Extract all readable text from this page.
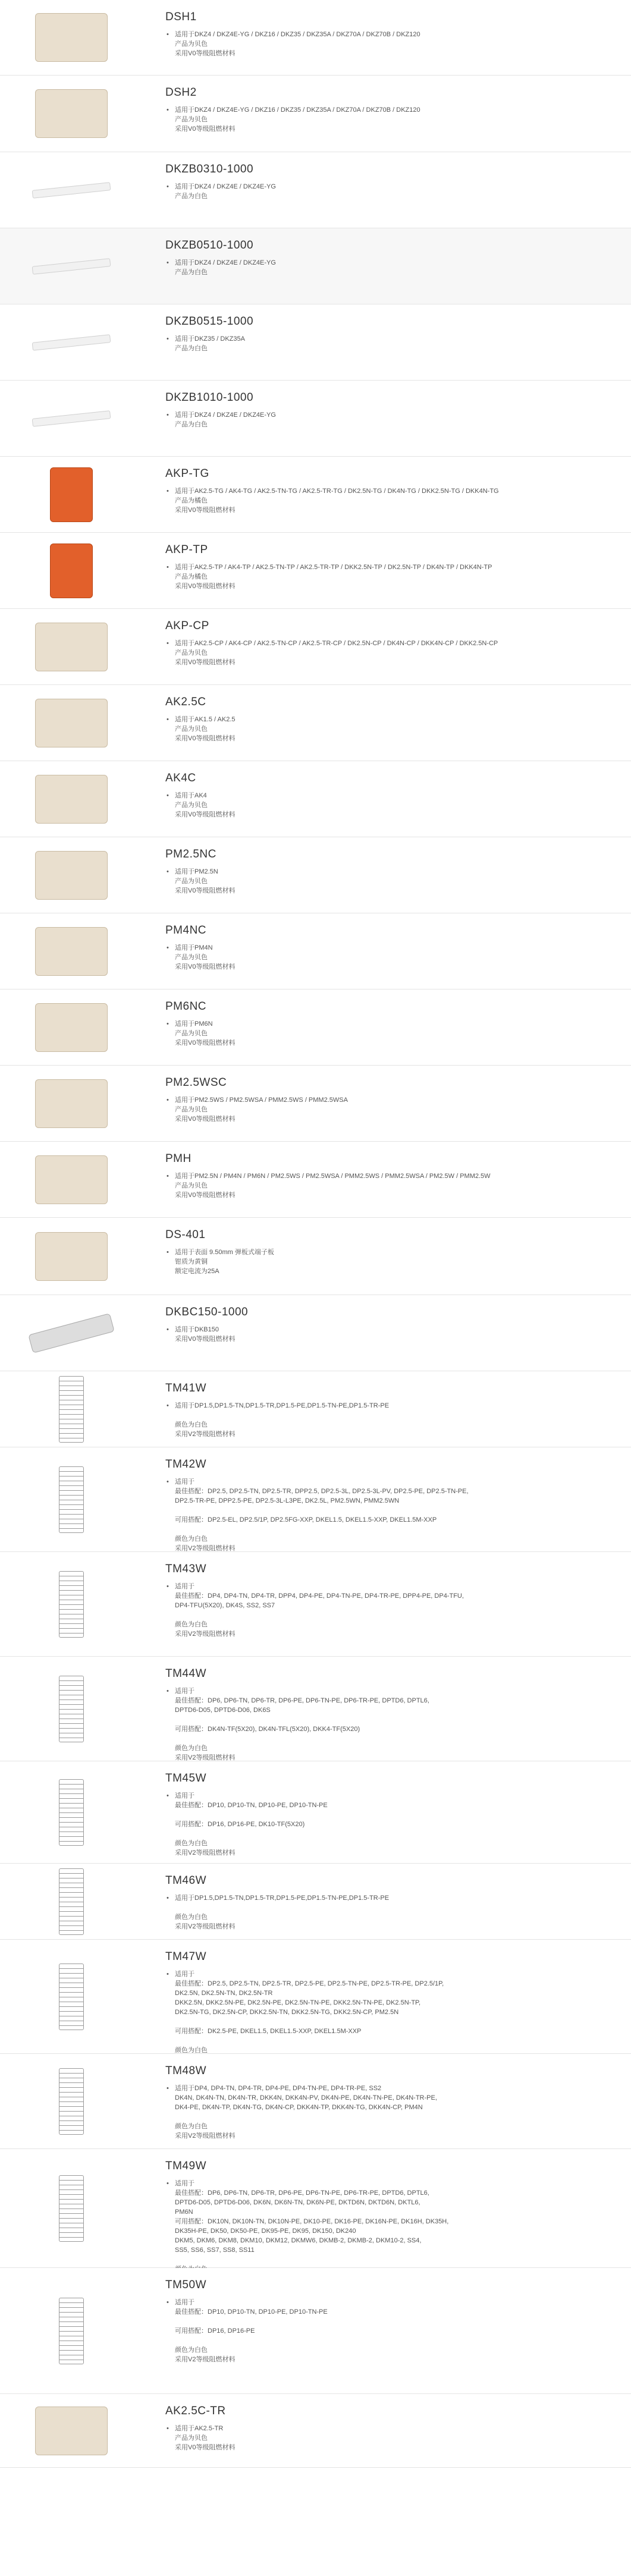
DSH1
• 适用于DKZ4 / DKZ4E-YG / DKZ16 / DKZ35 / DKZ35A / DKZ70A / DKZ70B / DKZ120
产品为贝色
采用V0等级阻燃材料
DSH2
• 适用于DKZ4 / DKZ4E-YG / DKZ16 / DKZ35 / DKZ35A / DKZ70A / DKZ70B / DKZ120
产品为贝色
采用V0等级阻燃材料
DKZB0310-1000
• 适用于DKZ4 / DKZ4E / DKZ4E-YG
产品为白色
DKZB0510-1000
• 适用于DKZ4 / DKZ4E / DKZ4E-YG
产品为白色
DKZB0515-1000
• 适用于DKZ35 / DKZ35A
产品为白色
DKZB1010-1000
• 适用于DKZ4 / DKZ4E / DKZ4E-YG
产品为白色
AKP-TG
• 适用于AK2.5-TG / AK4-TG / AK2.5-TN-TG / AK2.5-TR-TG / DK2.5N-TG / DK4N-TG / DKK2.5N-TG / DKK4N-TG
产品为橘色
采用V0等级阻燃材料
AKP-TP
• 适用于AK2.5-TP / AK4-TP / AK2.5-TN-TP / AK2.5-TR-TP / DKK2.5N-TP / DK2.5N-TP / DK4N-TP / DKK4N-TP
产品为橘色
采用V0等级阻燃材料
AKP-CP
• 适用于AK2.5-CP / AK4-CP / AK2.5-TN-CP / AK2.5-TR-CP / DK2.5N-CP / DK4N-CP / DKK4N-CP / DKK2.5N-CP
产品为贝色
采用V0等级阻燃材料
AK2.5C
• 适用于AK1.5 / AK2.5
产品为贝色
采用V0等级阻燃材料
AK4C
• 适用于AK4
产品为贝色
采用V0等级阻燃材料
PM2.5NC
• 适用于PM2.5N
产品为贝色
采用V0等级阻燃材料
PM4NC
• 适用于PM4N
产品为贝色
采用V0等级阻燃材料
PM6NC
• 适用于PM6N
产品为贝色
采用V0等级阻燃材料
PM2.5WSC
• 适用于PM2.5WS / PM2.5WSA / PMM2.5WS / PMM2.5WSA
产品为贝色
采用V0等级阻燃材料
PMH
• 适用于PM2.5N / PM4N / PM6N / PM2.5WS / PM2.5WSA / PMM2.5WS / PMM2.5WSA / PM2.5W / PMM2.5W
产品为贝色
采用V0等级阻燃材料
DS-401
• 适用于表面 9.50mm 弹板式端子板
钳质为黄铜
额定电流为25A
DKBC150-1000
• 适用于DKB150
采用V0等级阻燃材料
TM41W
• 适用于DP1.5,DP1.5-TN,DP1.5-TR,DP1.5-PE,DP1.5-TN-PE,DP1.5-TR-PE
颜色为白色
采用V2等级阻燃材料
TM42W
• 适用于
最佳搭配：DP2.5, DP2.5-TN, DP2.5-TR, DPP2.5, DP2.5-3L, DP2.5-3L-PV, DP2.5-PE, DP2.5-TN-PE,
DP2.5-TR-PE, DPP2.5-PE, DP2.5-3L-L3PE, DK2.5L, PM2.5WN, PMM2.5WN
可用搭配：DP2.5-EL, DP2.5/1P, DP2.5FG-XXP, DKEL1.5, DKEL1.5-XXP, DKEL1.5M-XXP
颜色为白色
采用V2等级阻燃材料
TM43W
• 适用于
最佳搭配：DP4, DP4-TN, DP4-TR, DPP4, DP4-PE, DP4-TN-PE, DP4-TR-PE, DPP4-PE, DP4-TFU,
DP4-TFU(5X20), DK4S, SS2, SS7
颜色为白色
采用V2等级阻燃材料
TM44W
• 适用于
最佳搭配：DP6, DP6-TN, DP6-TR, DP6-PE, DP6-TN-PE, DP6-TR-PE, DPTD6, DPTL6,
DPTD6-D05, DPTD6-D06, DK6S
可用搭配：DK4N-TF(5X20), DK4N-TFL(5X20), DKK4-TF(5X20)
颜色为白色
采用V2等级阻燃材料
TM45W
• 适用于
最佳搭配：DP10, DP10-TN, DP10-PE, DP10-TN-PE
可用搭配：DP16, DP16-PE, DK10-TF(5X20)
颜色为白色
采用V2等级阻燃材料
TM46W
• 适用于DP1.5,DP1.5-TN,DP1.5-TR,DP1.5-PE,DP1.5-TN-PE,DP1.5-TR-PE
颜色为白色
采用V2等级阻燃材料
TM47W
• 适用于
最佳搭配：DP2.5, DP2.5-TN, DP2.5-TR, DP2.5-PE, DP2.5-TN-PE, DP2.5-TR-PE, DP2.5/1P,
DK2.5N, DK2.5N-TN, DK2.5N-TR
DKK2.5N, DKK2.5N-PE, DK2.5N-PE, DK2.5N-TN-PE, DKK2.5N-TN-PE, DK2.5N-TP,
DK2.5N-TG, DK2.5N-CP, DKK2.5N-TN, DKK2.5N-TG, DKK2.5N-CP, PM2.5N
可用搭配：DK2.5-PE, DKEL1.5, DKEL1.5-XXP, DKEL1.5M-XXP
颜色为白色
TM48W
• 适用于DP4, DP4-TN, DP4-TR, DP4-PE, DP4-TN-PE, DP4-TR-PE, SS2
DK4N, DK4N-TN, DK4N-TR, DKK4N, DKK4N-PV, DK4N-PE, DK4N-TN-PE, DK4N-TR-PE,
DK4-PE, DK4N-TP, DK4N-TG, DK4N-CP, DKK4N-TP, DKK4N-TG, DKK4N-CP, PM4N
颜色为白色
采用V2等级阻燃材料
TM49W
• 适用于
最佳搭配：DP6, DP6-TN, DP6-TR, DP6-PE, DP6-TN-PE, DP6-TR-PE, DPTD6, DPTL6,
DPTD6-D05, DPTD6-D06, DK6N, DK6N-TN, DK6N-PE, DKTD6N, DKTD6N, DKTL6,
PM6N
可用搭配：DK10N, DK10N-TN, DK10N-PE, DK10-PE, DK16-PE, DK16N-PE, DK16H, DK35H,
DK35H-PE, DK50, DK50-PE, DK95-PE, DK95, DK150, DK240
DKM5, DKM6, DKM8, DKM10, DKM12, DKMW6, DKMB-2, DKMB-2, DKM10-2, SS4,
SS5, SS6, SS7, SS8, SS11
TM50W
• 适用于
最佳搭配：DP10, DP10-TN, DP10-PE, DP10-TN-PE
可用搭配：DP16, DP16-PE
颜色为白色
采用V2等级阻燃材料
AK2.5C-TR
• 适用于AK2.5-TR
产品为贝色
采用V0等级阻燃材料
